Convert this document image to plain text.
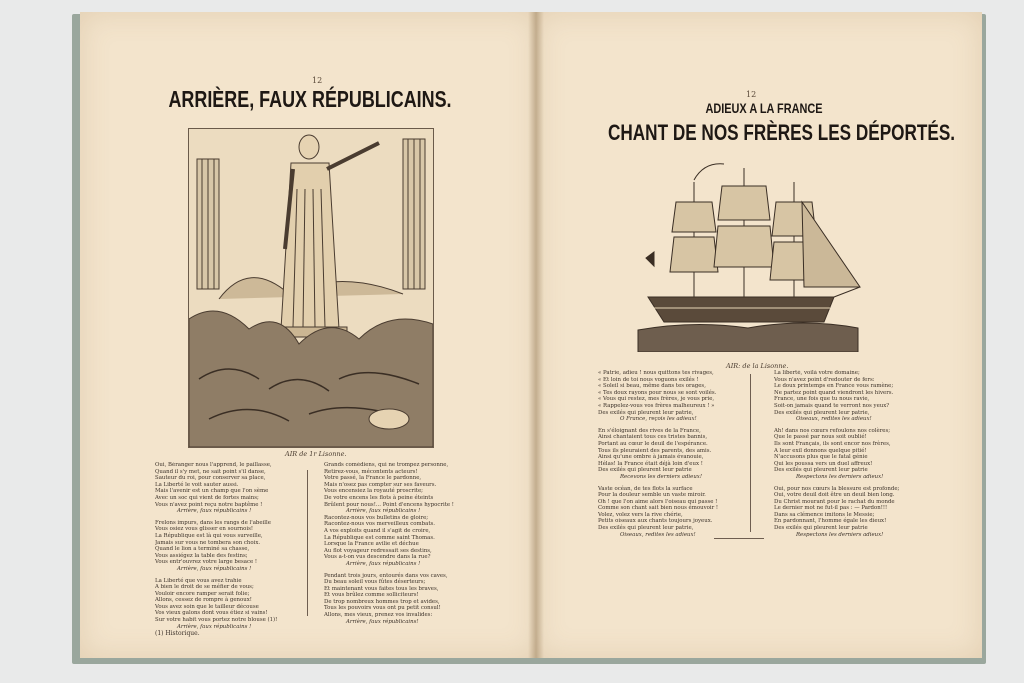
12
ARRIÈRE, FAUX RÉPUBLICAINS.
AIR de 1r Lisonne.
Oui, Béranger nous l'apprend, le paillasse,
Quand il s'y met, ne sait point s'il danse,
Sauteur du roi, pour conserver sa place,
La Liberté le voit sauter aussi.
Mais l'avenir est un champ que l'on sème
Avec un soc qui vient de fortes mains;
Vous n'avez point reçu notre baptême !
Arrière, faux républicains !
Frelons impurs, dans les rangs de l'abeille
Vous osiez vous glisser en sournois!
La République est là qui vous surveille,
Jamais sur vous ne tombera son choix.
Quand le lion a terminé sa chasse,
Vous assiégez la table des festins;
Vous entr'ouvrez votre large besace !
Arrière, faux républicains !
La Liberté que vous avez trahie
A bien le droit de se méfier de vous;
Vouloir encore ramper serait folie;
Allons, cessez de rompre à genoux!
Vous avez soin que le tailleur découse
Vos vieux galons dont vous étiez si vains!
Sur votre habit vous portez notre blouse (1)!
Arrière, faux républicains !
Grands comédiens, qui ne trompez personne,
Retirez-vous, mécontents acteurs!
Votre passé, la France le pardonne,
Mais n'osez pas compter sur ses faveurs.
Vous encensiez la royauté proscrite;
De votre encens les flots à peine éteints
Brûlent pour nous!... Point d'encens hypocrite !
Arrière, faux républicains !
Racontez-nous vos bulletins de gloire;
Racontez-nous vos merveilleux combats.
A vos exploits quand il s'agit de croire,
La République est comme saint Thomas.
Lorsque la France avilie et déchue
Au flot voyageur redressait ses destins,
Vous a-t-on vus descendre dans la rue?
Arrière, faux républicains !
Pendant trois jours, entourés dans vos caves,
Du beau soleil vous fûtes déserteurs;
Et maintenant vous faites tous les braves,
Et vous brûlez comme solliciteurs!
De trop nombreux hommes trop et avides,
Tous les pouvoirs vous ont pu petit consul!
Allons, mes vieux, prenez vos invalides:
Arrière, faux républicains!
(1) Historique.
12
ADIEUX A LA FRANCE
CHANT DE NOS FRÈRES LES DÉPORTÉS.
AIR: de la Lisonne.
« Patrie, adieu ! nous quittons tes rivages,
« Et loin de toi nous voguons exilés !
« Soleil si beau, même dans tes orages,
« Tes doux rayons pour nous se sont voilés.
« Vous qui restez, mes frères, je vous prie,
« Rappelez-vous vos frères malheureux ! »
Des exilés qui pleurent leur patrie,
O France, reçois les adieux!
En s'éloignant des rives de la France,
Ainsi chantaient tous ces tristes bannis,
Portant au cœur le deuil de l'espérance.
Tous ils pleuraient des parents, des amis.
Ainsi qu'une ombre à jamais évanouie,
Hélas! la France était déjà loin d'eux !
Des exilés qui pleurent leur patrie
Recevons les derniers adieux!
Vaste océan, de tes flots la surface
Pour la douleur semble un vaste miroir.
Oh ! que l'on aime alors l'oiseau qui passe !
Comme son chant sait bien nous émouvoir !
Volez, volez vers la rive chérie,
Petits oiseaux aux chants toujours joyeux.
Des exilés qui pleurent leur patrie,
Oiseaux, redites les adieux!
La liberté, voilà votre domaine;
Vous n'avez point d'redouter de fers:
Le doux printemps en France vous ramène;
Ne partez point quand viendront les hivers.
France, une fois que tu nous ravie,
Soit-on jamais quand te verront nos yeux?
Des exilés qui pleurent leur patrie,
Oiseaux, redites les adieux!
Ah! dans nos cœurs refoulons nos colères;
Que le passé par nous soit oublié!
Ils sont Français, ils sont encor nos frères,
A leur exil donnons quelque pitié!
N'accusons plus que le fatal génie
Qui les poussa vers un duel affreux!
Des exilés qui pleurent leur patrie
Respectons les derniers adieux!
Oui, pour nos cœurs la blessure est profonde;
Oui, votre deuil doit être un deuil bien long.
Du Christ mourant pour le rachat du monde
Le dernier mot ne fut-il pas : — Pardon!!!
Dans sa clémence imitons le Messie;
En pardonnant, l'homme égale les dieux!
Des exilés qui pleurent leur patrie
Respectons les derniers adieux!
